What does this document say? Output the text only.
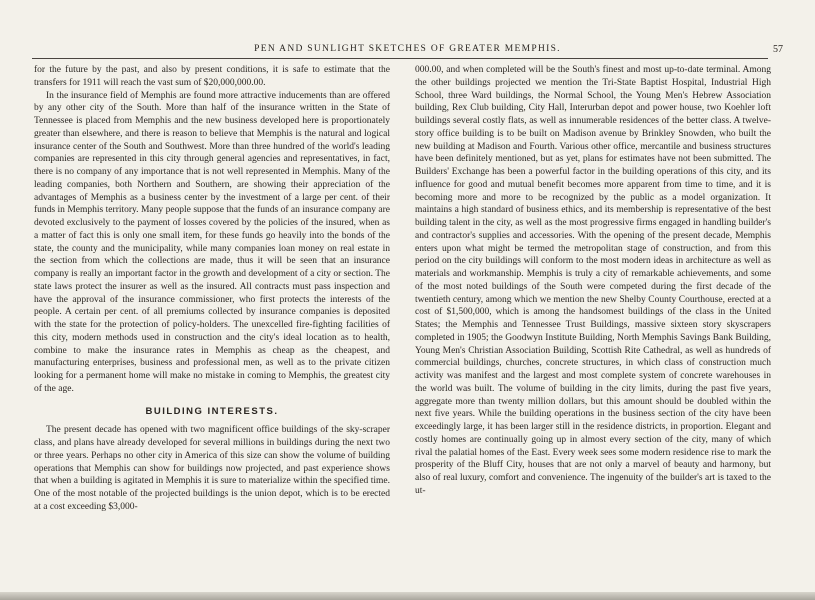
PEN AND SUNLIGHT SKETCHES OF GREATER MEMPHIS.	57

for the future by the past, and also by present conditions, it is safe to estimate that the transfers for 1911 will reach the vast sum of $20,000,000.00.

In the insurance field of Memphis are found more attractive inducements than are offered by any other city of the South. More than half of the insurance written in the State of Tennessee is placed from Memphis and the new business developed here is proportionately greater than elsewhere, and there is reason to believe that Memphis is the natural and logical insurance center of the South and Southwest. More than three hundred of the world's leading companies are represented in this city through general agencies and representatives, in fact, there is no company of any importance that is not well represented in Memphis. Many of the leading companies, both Northern and Southern, are showing their appreciation of the advantages of Memphis as a business center by the investment of a large per cent. of their funds in Memphis territory. Many people suppose that the funds of an insurance company are devoted exclusively to the payment of losses covered by the policies of the insured, when as a matter of fact this is only one small item, for these funds go heavily into the bonds of the state, the county and the municipality, while many companies loan money on real estate in the section from which the collections are made, thus it will be seen that an insurance company is really an important factor in the growth and development of a city or section. The state laws protect the insurer as well as the insured. All contracts must pass inspection and have the approval of the insurance commissioner, who first protects the interests of the people. A certain per cent. of all premiums collected by insurance companies is deposited with the state for the protection of policy-holders. The unexcelled fire-fighting facilities of this city, modern methods used in construction and the city's ideal location as to health, combine to make the insurance rates in Memphis as cheap as the cheapest, and manufacturing enterprises, business and professional men, as well as to the private citizen looking for a permanent home will make no mistake in coming to Memphis, the greatest city of the age.

BUILDING INTERESTS.

The present decade has opened with two magnificent office buildings of the sky-scraper class, and plans have already developed for several millions in buildings during the next two or three years. Perhaps no other city in America of this size can show the volume of building operations that Memphis can show for buildings now projected, and past experience shows that when a building is agitated in Memphis it is sure to materialize within the specified time. One of the most notable of the projected buildings is the union depot, which is to be erected at a cost exceeding $3,000-

000.00, and when completed will be the South's finest and most up-to-date terminal. Among the other buildings projected we mention the Tri-State Baptist Hospital, Industrial High School, three Ward buildings, the Normal School, the Young Men's Hebrew Association building, Rex Club building, City Hall, Interurban depot and power house, two Koehler loft buildings several costly flats, as well as innumerable residences of the better class. A twelve-story office building is to be built on Madison avenue by Brinkley Snowden, who built the new building at Madison and Fourth. Various other office, mercantile and business structures have been definitely mentioned, but as yet, plans for estimates have not been submitted. The Builders' Exchange has been a powerful factor in the building operations of this city, and its influence for good and mutual benefit becomes more apparent from time to time, and it is becoming more and more to be recognized by the public as a model organization. It maintains a high standard of business ethics, and its membership is representative of the best building talent in the city, as well as the most progressive firms engaged in handling builder's and contractor's supplies and accessories. With the opening of the present decade, Memphis enters upon what might be termed the metropolitan stage of construction, and from this period on the city buildings will conform to the most modern ideas in architecture as well as materials and workmanship. Memphis is truly a city of remarkable achievements, and some of the most noted buildings of the South were competed during the first decade of the twentieth century, among which we mention the new Shelby County Courthouse, erected at a cost of $1,500,000, which is among the handsomest buildings of the class in the United States; the Memphis and Tennessee Trust Buildings, massive sixteen story skyscrapers completed in 1905; the Goodwyn Institute Building, North Memphis Savings Bank Building, Young Men's Christian Association Building, Scottish Rite Cathedral, as well as hundreds of commercial buildings, churches, concrete structures, in which class of construction much activity was manifest and the largest and most complete system of concrete warehouses in the world was built. The volume of building in the city limits, during the past five years, aggregate more than twenty million dollars, but this amount should be doubled within the next five years. While the building operations in the business section of the city have been exceedingly large, it has been larger still in the residence districts, in proportion. Elegant and costly homes are continually going up in almost every section of the city, many of which rival the palatial homes of the East. Every week sees some modern residence rise to mark the prosperity of the Bluff City, houses that are not only a marvel of beauty and harmony, but also of real luxury, comfort and convenience. The ingenuity of the builder's art is taxed to the ut-
